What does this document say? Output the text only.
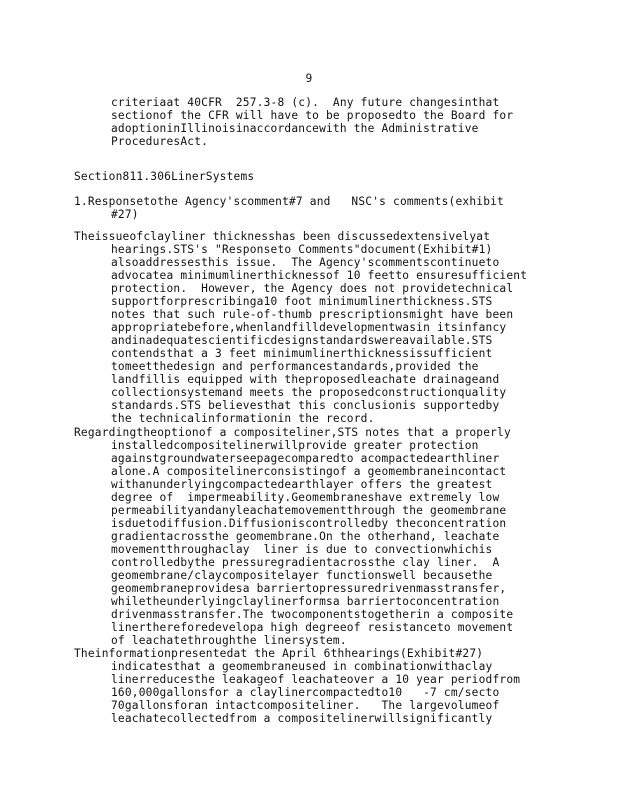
9
criteriaat 40CFR  257.3-8 (c).  Any future changesinthat
sectionof the CFR will have to be proposedto the Board for
adoptioninIllinoisinaccordancewith the Administrative
ProceduresAct.
Section811.306LinerSystems
1.Responsetothe Agency'scomment#7 and   NSC's comments(exhibit
#27)
Theissueofclayliner thicknesshas been discussedextensivelyat
hearings.STS's "Responseto Comments"document(Exhibit#1)
alsoaddressesthis issue.  The Agency'scommentscontinueto
advocatea minimumlinerthicknessof 10 feetto ensuresufficient
protection.  However, the Agency does not providetechnical
supportforprescribinga10 foot minimumlinerthickness.STS
notes that such rule-of-thumb prescriptionsmight have been
appropriatebefore,whenlandfilldevelopmentwasin itsinfancy
andinadequatescientificdesignstandardswereavailable.STS
contendsthat a 3 feet minimumlinerthicknessissufficient
tomeetthedesign and performancestandards,provided the
landfillis equipped with theproposedleachate drainageand
collectionsystemand meets the proposedconstructionquality
standards.STS believesthat this conclusionis supportedby
the technicalinformationin the record.
Regardingtheoptionof a compositeliner,STS notes that a properly
installedcompositelinerwillprovide greater protection
againstgroundwaterseepagecomparedto acompactedearthliner
alone.A compositelinerconsistingof a geomembraneincontact
withanunderlyingcompactedearthlayer offers the greatest
degree of  impermeability.Geomembraneshave extremely low
permeabilityandanyleachatemovementthrough the geomembrane
isduetodiffusion.Diffusioniscontrolledby theconcentration
gradientacrossthe geomembrane.On the otherhand, leachate
movementthroughaclay  liner is due to convectionwhichis
controlledbythe pressuregradientacrossthe clay liner.  A
geomembrane/claycompositelayer functionswell becausethe
geomembraneprovidesa barriertopressuredrivenmasstransfer,
whiletheunderlyingclaylinerformsa barriertoconcentration
drivenmasstransfer.The twocomponentstogetherin a composite
linerthereforedevelopa high degreeof resistanceto movement
of leachatethroughthe linersystem.
Theinformationpresentedat the April 6thhearings(Exhibit#27)
indicatesthat a geomembraneused in combinationwithaclay
linerreducesthe leakageof leachateover a 10 year periodfrom
160,000gallonsfor a claylinercompactedto10   -7 cm/secto
70gallonsforan intactcompositeliner.   The largevolumeof
leachatecollectedfrom a compositelinerwillsignificantly
